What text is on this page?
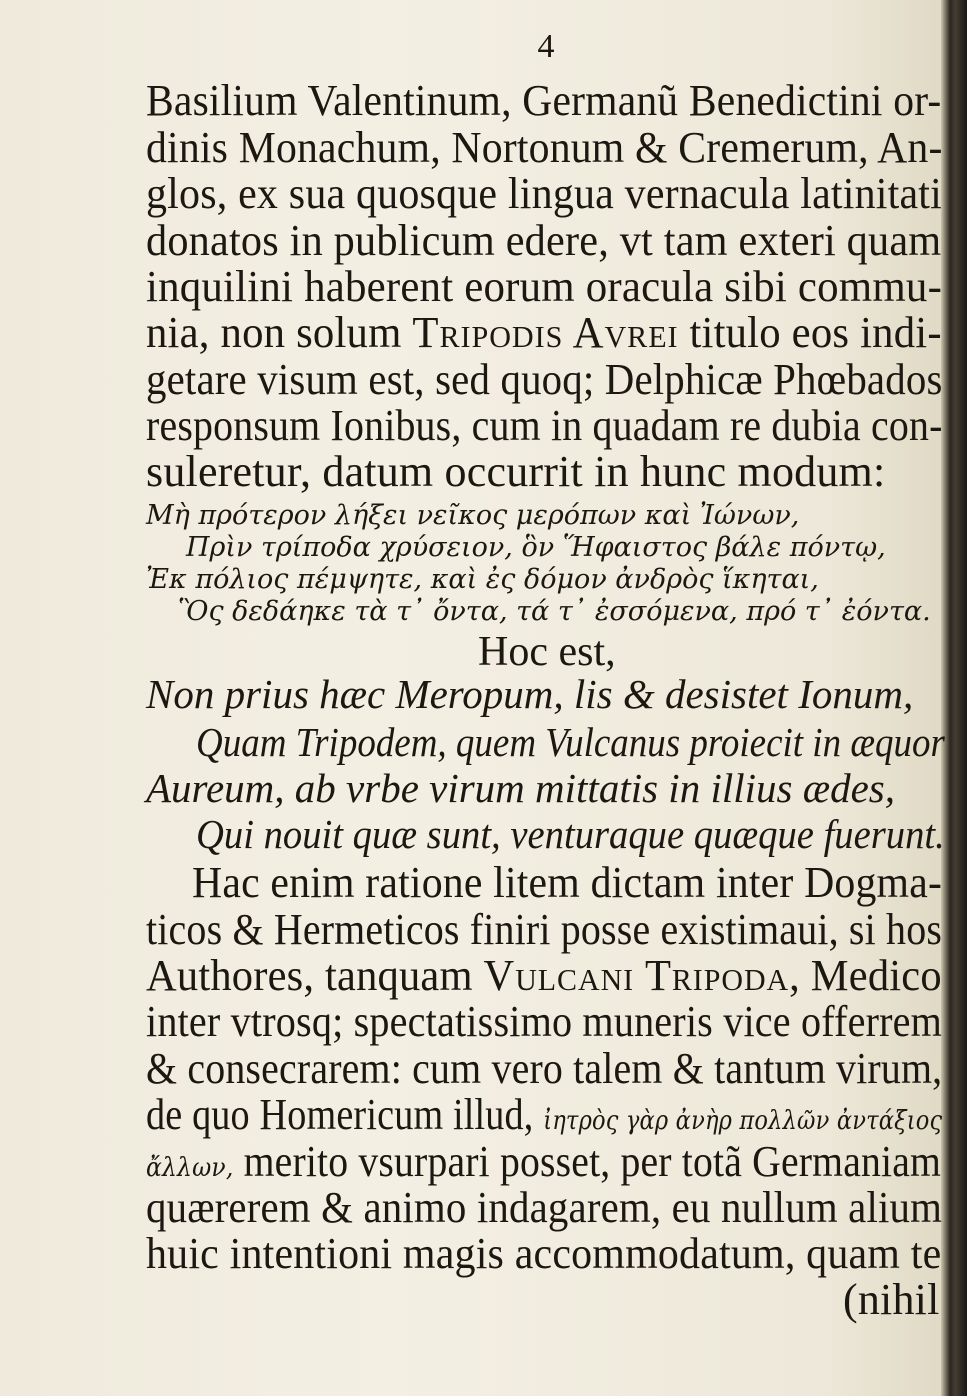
4
Basilium Valentinum, Germanũ Benedictini or-
dinis Monachum, Nortonum & Cremerum, An-
glos, ex sua quosque lingua vernacula latinitati
donatos in publicum edere, vt tam exteri quam
inquilini haberent eorum oracula sibi commu-
nia, non solum Tripodis Avrei titulo eos indi-
getare visum est, sed quoq; Delphicæ Phœbados
responsum Ionibus, cum in quadam re dubia con-
suleretur, datum occurrit in hunc modum:
Μὴ πρότερον λήξει νεῖκος μερόπων καὶ Ἰώνων,
Πρὶν τρίποδα χρύσειον, ὃν Ἥφαιστος βάλε πόντῳ,
Ἐκ πόλιος πέμψητε, καὶ ἐς δόμον ἀνδρὸς ἵκηται,
Ὃς δεδάηκε τὰ τ᾽ ὄντα, τά τ᾽ ἐσσόμενα, πρό τ᾽ ἐόντα.
Hoc est,
Non prius hæc Meropum, lis & desistet Ionum,
Quam Tripodem, quem Vulcanus proiecit in æquor
Aureum, ab vrbe virum mittatis in illius ædes,
Qui nouit quæ sunt, venturaque quæque fuerunt.
Hac enim ratione litem dictam inter Dogma-
ticos & Hermeticos finiri posse existimaui, si hos
Authores, tanquam Vulcani Tripoda, Medico
inter vtrosq; spectatissimo muneris vice offerrem
& consecrarem: cum vero talem & tantum virum,
de quo Homericum illud, ἰητρὸς γὰρ ἀνὴρ πολλῶν ἀντάξιος
ἄλλων, merito vsurpari posset, per totã Germaniam
quærerem & animo indagarem, eu nullum alium
huic intentioni magis accommodatum, quam te
(nihil
